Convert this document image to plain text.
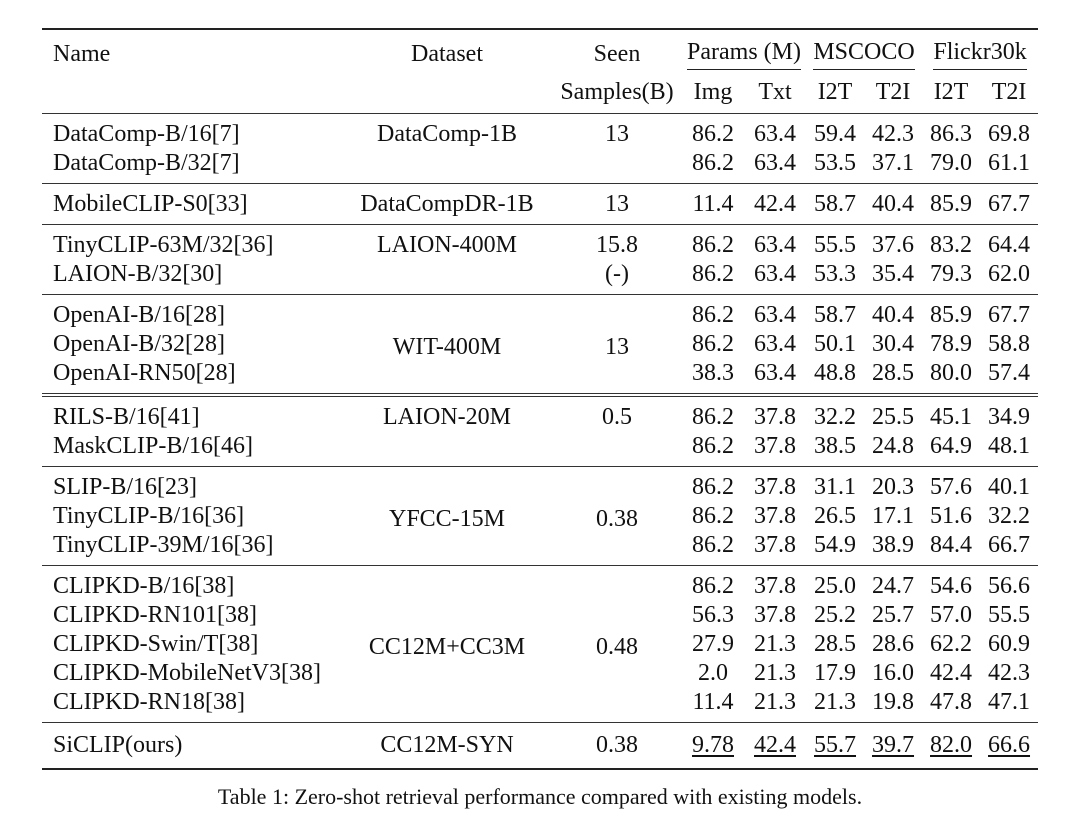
Name	Dataset	Seen	Params (M)		MSCOCO		Flickr30k	
		Samples(B)	Img	Txt	I2T	T2I	I2T	T2I
DataComp-B/16[7]	DataComp-1B	13	86.2	63.4	59.4	42.3	86.3	69.8
DataComp-B/32[7]			86.2	63.4	53.5	37.1	79.0	61.1
MobileCLIP-S0[33]	DataCompDR-1B	13	11.4	42.4	58.7	40.4	85.9	67.7
TinyCLIP-63M/32[36]	LAION-400M	15.8	86.2	63.4	55.5	37.6	83.2	64.4
LAION-B/32[30]		(-)	86.2	63.4	53.3	35.4	79.3	62.0
OpenAI-B/16[28]	WIT-400M	13	86.2	63.4	58.7	40.4	85.9	67.7
OpenAI-B/32[28]			86.2	63.4	50.1	30.4	78.9	58.8
OpenAI-RN50[28]			38.3	63.4	48.8	28.5	80.0	57.4
RILS-B/16[41]	LAION-20M	0.5	86.2	37.8	32.2	25.5	45.1	34.9
MaskCLIP-B/16[46]			86.2	37.8	38.5	24.8	64.9	48.1
SLIP-B/16[23]	YFCC-15M	0.38	86.2	37.8	31.1	20.3	57.6	40.1
TinyCLIP-B/16[36]			86.2	37.8	26.5	17.1	51.6	32.2
TinyCLIP-39M/16[36]			86.2	37.8	54.9	38.9	84.4	66.7
CLIPKD-B/16[38]	CC12M+CC3M	0.48	86.2	37.8	25.0	24.7	54.6	56.6
CLIPKD-RN101[38]			56.3	37.8	25.2	25.7	57.0	55.5
CLIPKD-Swin/T[38]			27.9	21.3	28.5	28.6	62.2	60.9
CLIPKD-MobileNetV3[38]			2.0	21.3	17.9	16.0	42.4	42.3
CLIPKD-RN18[38]			11.4	21.3	21.3	19.8	47.8	47.1
SiCLIP(ours)	CC12M-SYN	0.38	9.78	42.4	55.7	39.7	82.0	66.6
Table 1: Zero-shot retrieval performance compared with existing models.
